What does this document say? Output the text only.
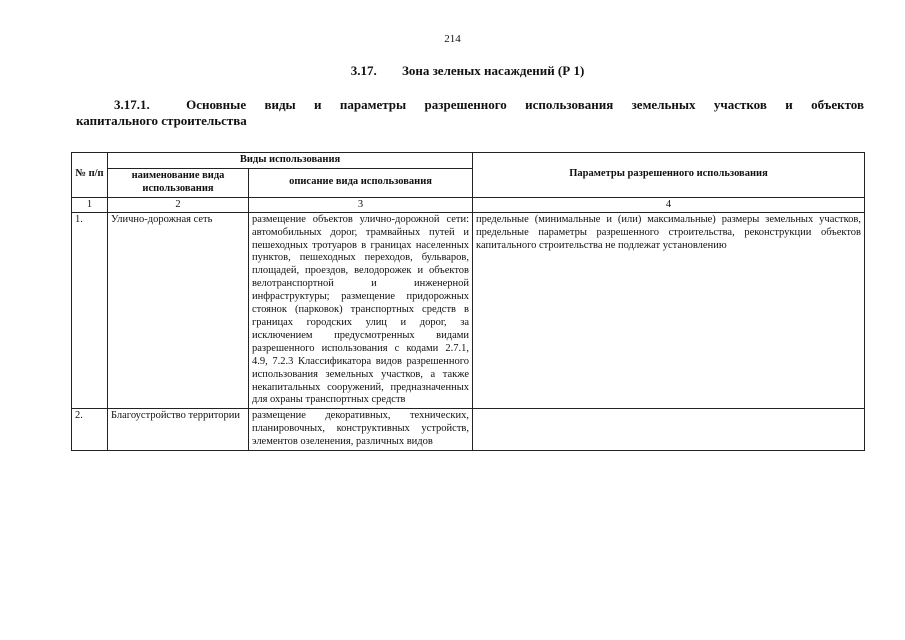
214
3.17. Зона зеленых насаждений (Р 1)
3.17.1.	Основные виды и параметры разрешенного использования земельных участков и объектов
капитального строительства
№ п/п	Виды использования		Параметры разрешенного использования
	наименование вида использования	описание вида использования	
1	2	3	4
1.	Улично-дорожная сеть	размещение объектов улично-дорожной сети: автомобильных дорог, трамвайных путей и пешеходных тротуаров в границах населенных пунктов, пешеходных переходов, бульваров, площадей, проездов, велодорожек и объектов велотранспортной и инженерной инфраструктуры; размещение придорожных стоянок (парковок) транспортных средств в границах городских улиц и дорог, за исключением предусмотренных видами разрешенного использования с кодами 2.7.1, 4.9, 7.2.3 Классификатора видов разрешенного использования земельных участков, а также некапитальных сооружений, предназначенных для охраны транспортных средств	предельные (минимальные и (или) максимальные) размеры земельных участков, предельные параметры разрешенного строительства, реконструкции объектов капитального строительства не подлежат установлению
2.	Благоустройство территории	размещение декоративных, технических, планировочных, конструктивных устройств, элементов озеленения, различных видов	
